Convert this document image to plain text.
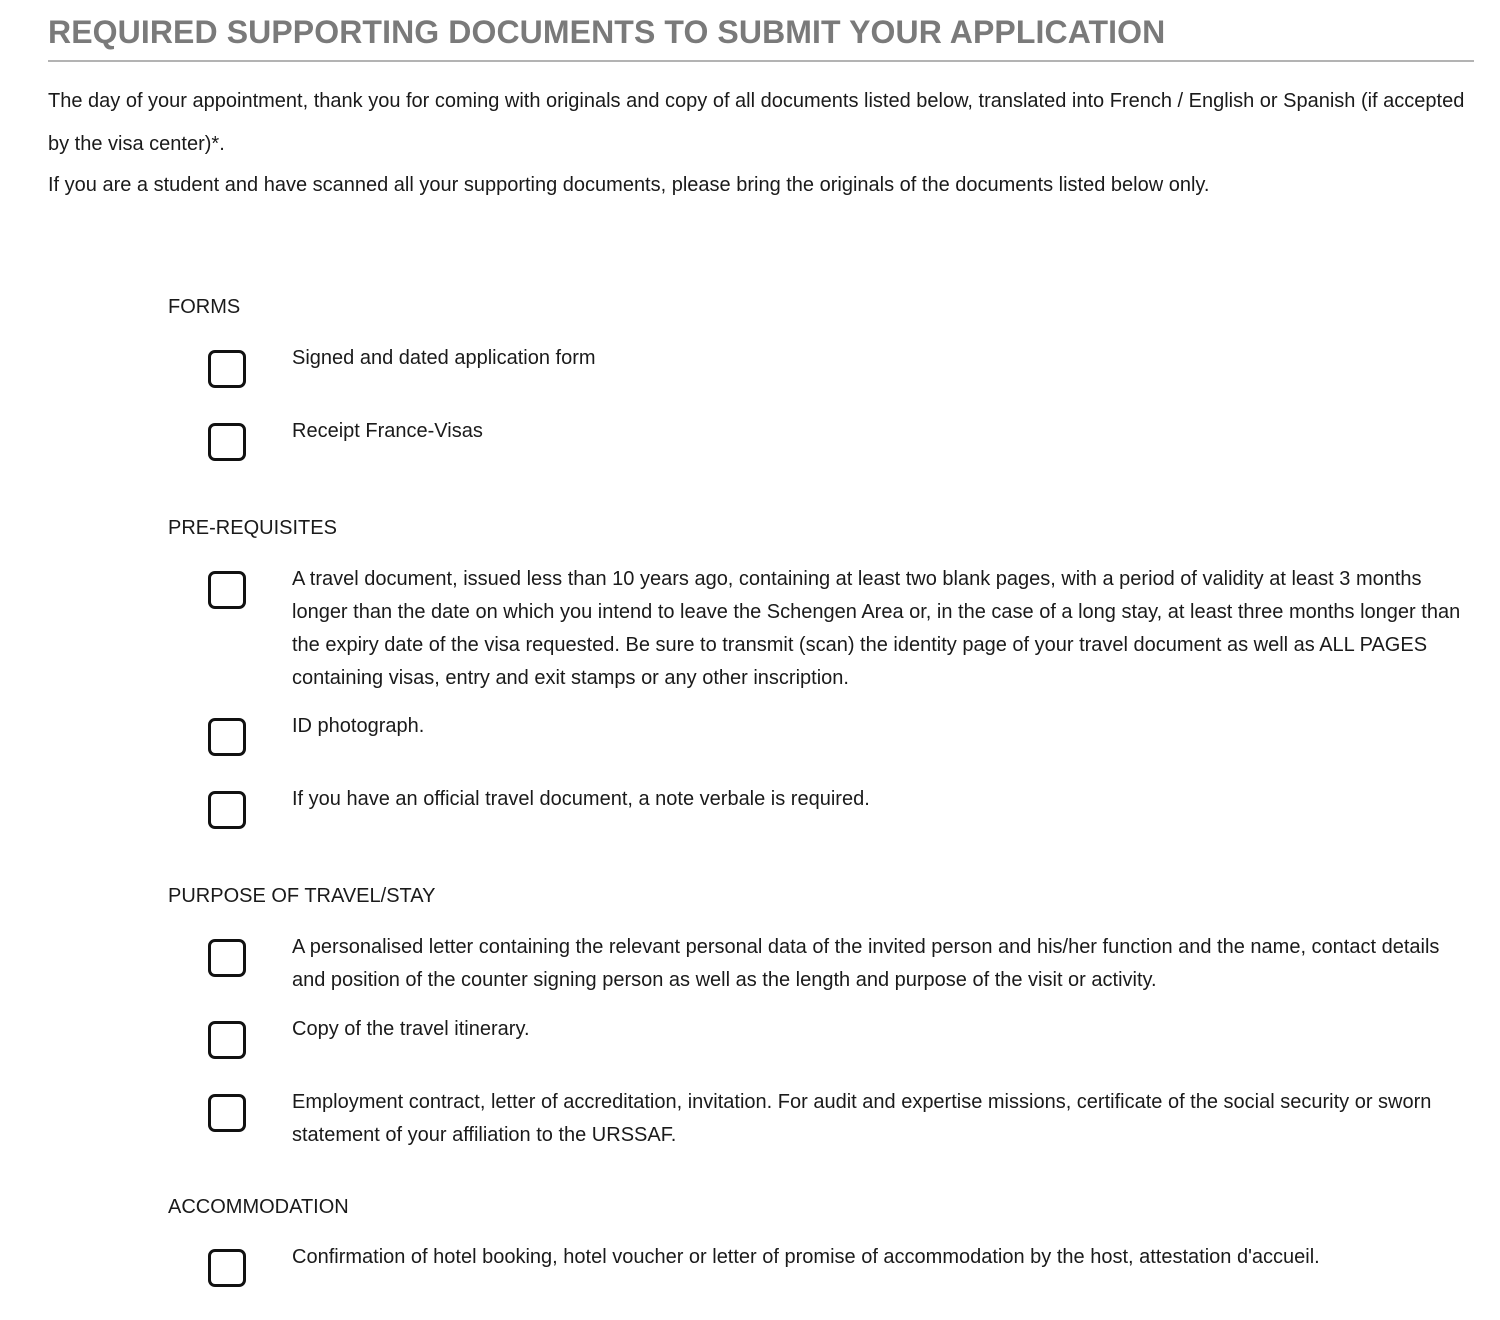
REQUIRED SUPPORTING DOCUMENTS TO SUBMIT YOUR APPLICATION

The day of your appointment, thank you for coming with originals and copy of all documents listed below, translated into French / English or Spanish (if accepted by the visa center)*.

If you are a student and have scanned all your supporting documents, please bring the originals of the documents listed below only.

FORMS
Signed and dated application form
Receipt France-Visas
PRE-REQUISITES
A travel document, issued less than 10 years ago, containing at least two blank pages, with a period of validity at least 3 months longer than the date on which you intend to leave the Schengen Area or, in the case of a long stay, at least three months longer than the expiry date of the visa requested. Be sure to transmit (scan) the identity page of your travel document as well as ALL PAGES containing visas, entry and exit stamps or any other inscription.
ID photograph.
If you have an official travel document, a note verbale is required.
PURPOSE OF TRAVEL/STAY
A personalised letter containing the relevant personal data of the invited person and his/her function and the name, contact details and position of the counter signing person as well as the length and purpose of the visit or activity.
Copy of the travel itinerary.
Employment contract, letter of accreditation, invitation. For audit and expertise missions, certificate of the social security or sworn statement of your affiliation to the URSSAF.
ACCOMMODATION
Confirmation of hotel booking, hotel voucher or letter of promise of accommodation by the host, attestation d'accueil.
